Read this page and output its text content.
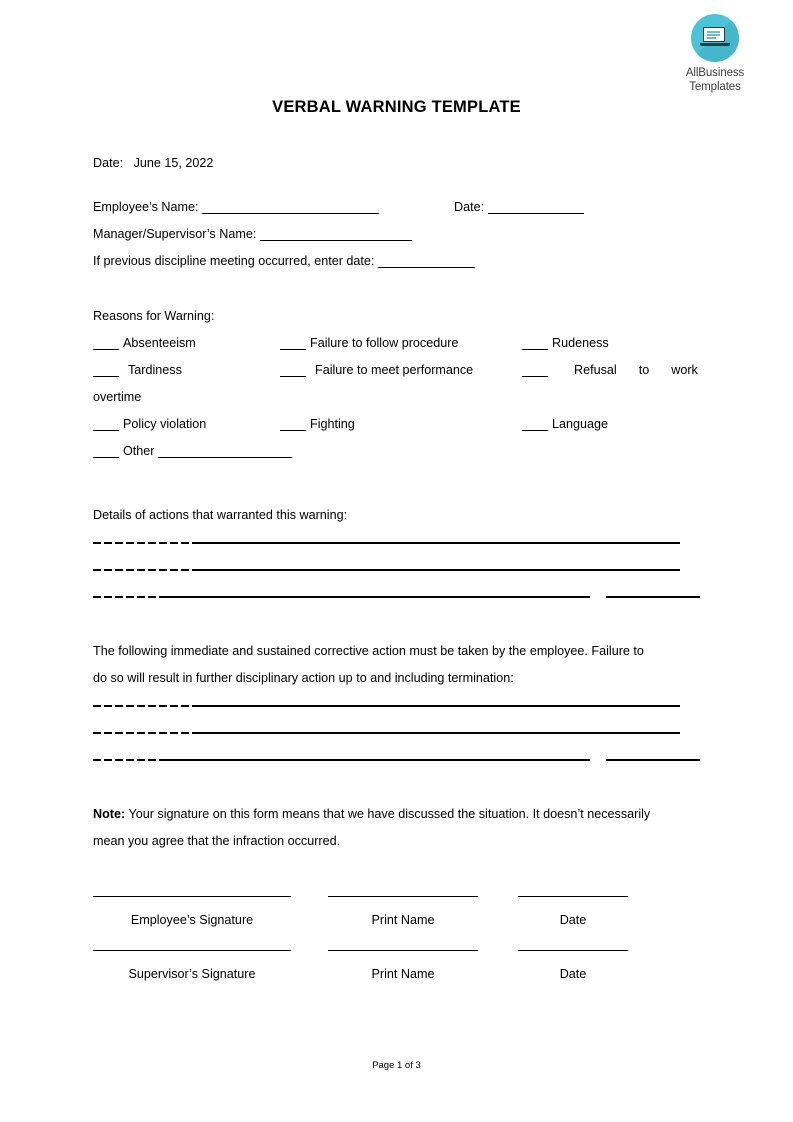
AllBusiness
Templates
VERBAL WARNING TEMPLATE
Date: June 15, 2022
Employee’s Name:	Date:
Manager/Supervisor’s Name:
If previous discipline meeting occurred, enter date:
Reasons for Warning:
Absenteeism	Failure to follow procedure	Rudeness
Tardiness	Failure to meet performance	Refusal to work
overtime
Policy violation	Fighting	Language
Other
Details of actions that warranted this warning:
The following immediate and sustained corrective action must be taken by the employee. Failure to
do so will result in further disciplinary action up to and including termination:
Note: Your signature on this form means that we have discussed the situation. It doesn’t necessarily
mean you agree that the infraction occurred.
Employee’s Signature	Print Name	Date
Supervisor’s Signature	Print Name	Date
Page 1 of 3
